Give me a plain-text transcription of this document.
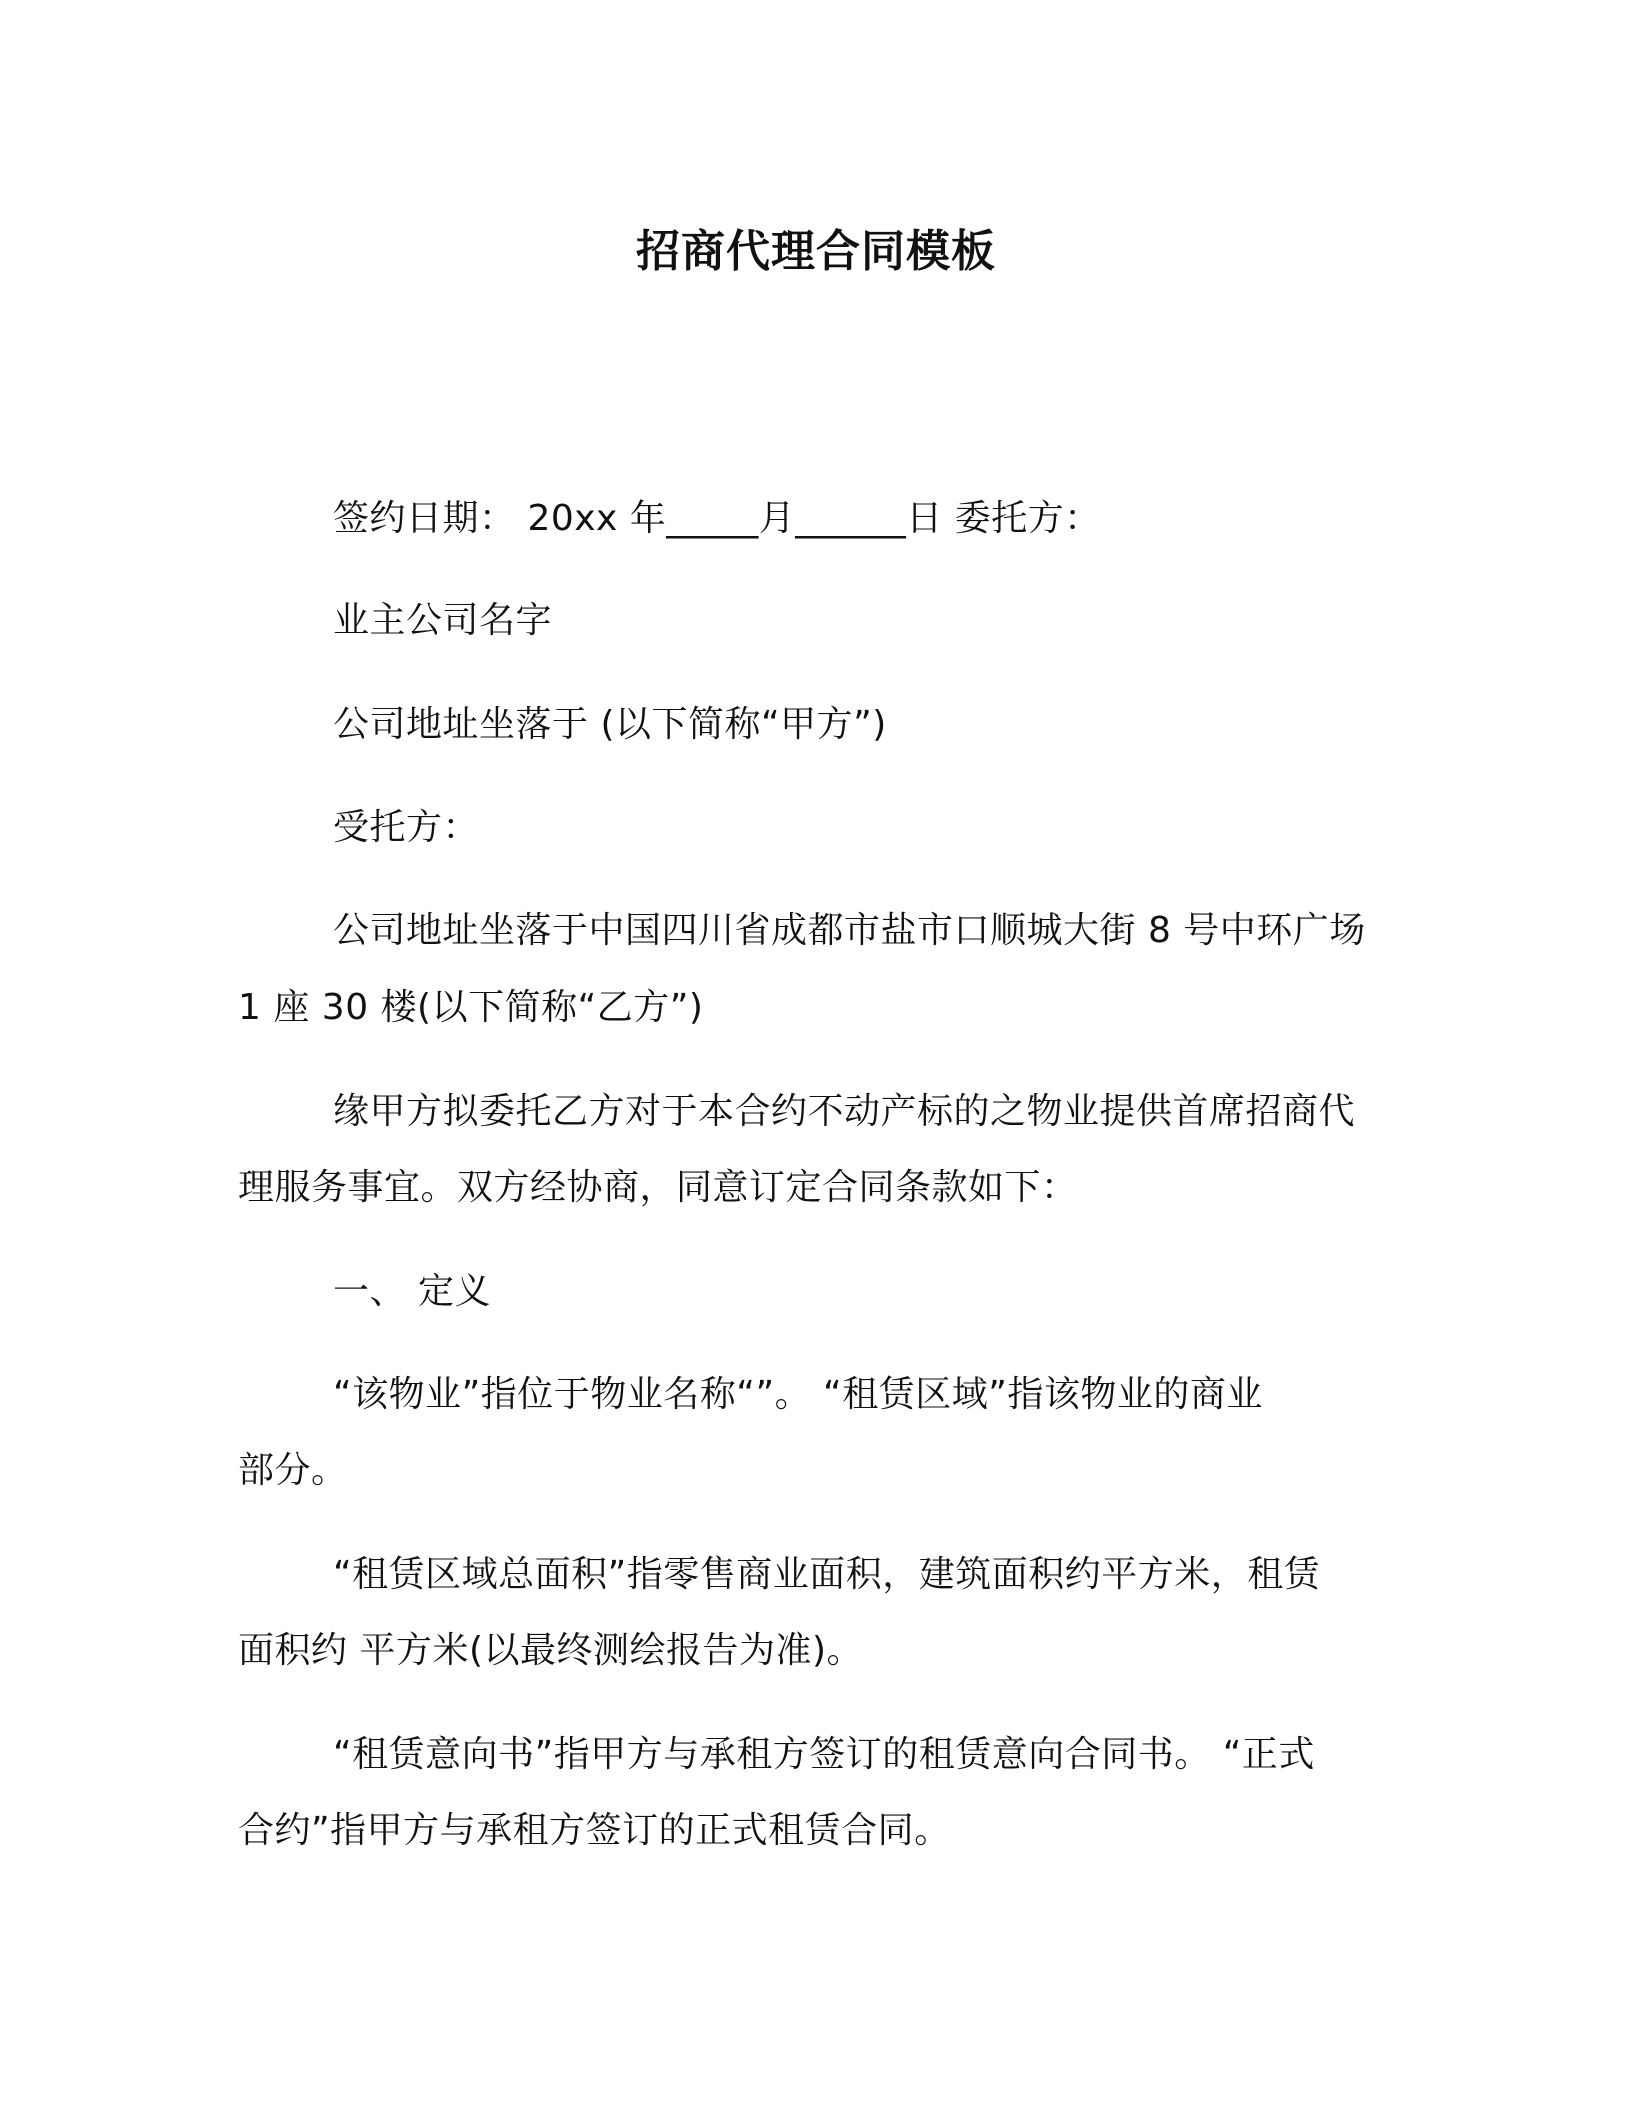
招商代理合同模板
签约日期： 20xx 年_____月______日 委托方：
业主公司名字
公司地址坐落于 (以下简称“甲方”)
受托方：
公司地址坐落于中国四川省成都市盐市口顺城大街 8 号中环广场
1 座 30 楼(以下简称“乙方”)
缘甲方拟委托乙方对于本合约不动产标的之物业提供首席招商代
理服务事宜。双方经协商，同意订定合同条款如下：
一、 定义
“该物业”指位于物业名称“”。 “租赁区域”指该物业的商业
部分。
“租赁区域总面积”指零售商业面积，建筑面积约平方米，租赁
面积约 平方米(以最终测绘报告为准)。
“租赁意向书”指甲方与承租方签订的租赁意向合同书。 “正式
合约”指甲方与承租方签订的正式租赁合同。
